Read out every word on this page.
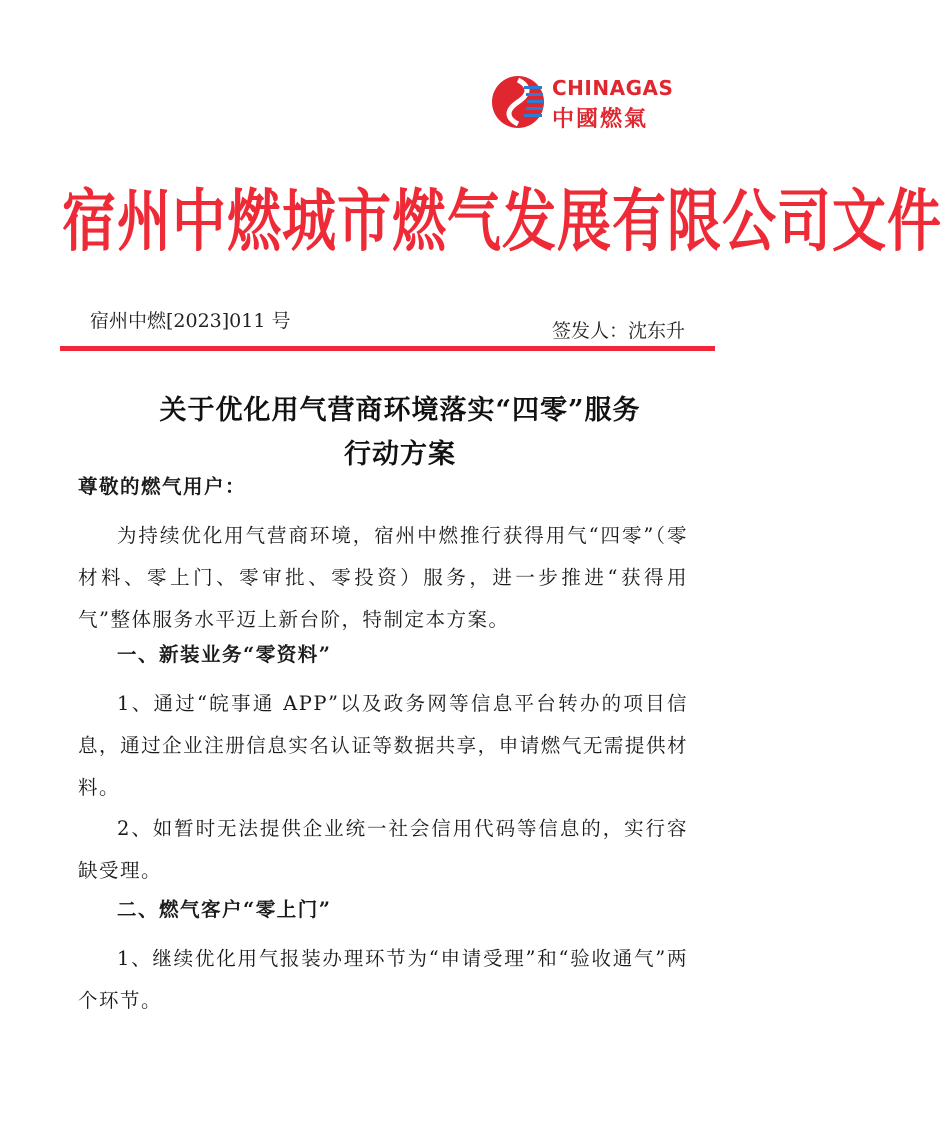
CHINAGAS
中國燃氣
宿州中燃城市燃气发展有限公司文件
宿州中燃[2023]011 号	签发人：沈东升
关于优化用气营商环境落实“四零”服务
行动方案
尊敬的燃气用户：
为持续优化用气营商环境，宿州中燃推行获得用气“四零”（零材料、零上门、零审批、零投资）服务，进一步推进“获得用气”整体服务水平迈上新台阶，特制定本方案。
一、新装业务“零资料”
1、通过“皖事通 APP”以及政务网等信息平台转办的项目信息，通过企业注册信息实名认证等数据共享，申请燃气无需提供材料。
2、如暂时无法提供企业统一社会信用代码等信息的，实行容缺受理。
二、燃气客户“零上门”
1、继续优化用气报装办理环节为“申请受理”和“验收通气”两个环节。
